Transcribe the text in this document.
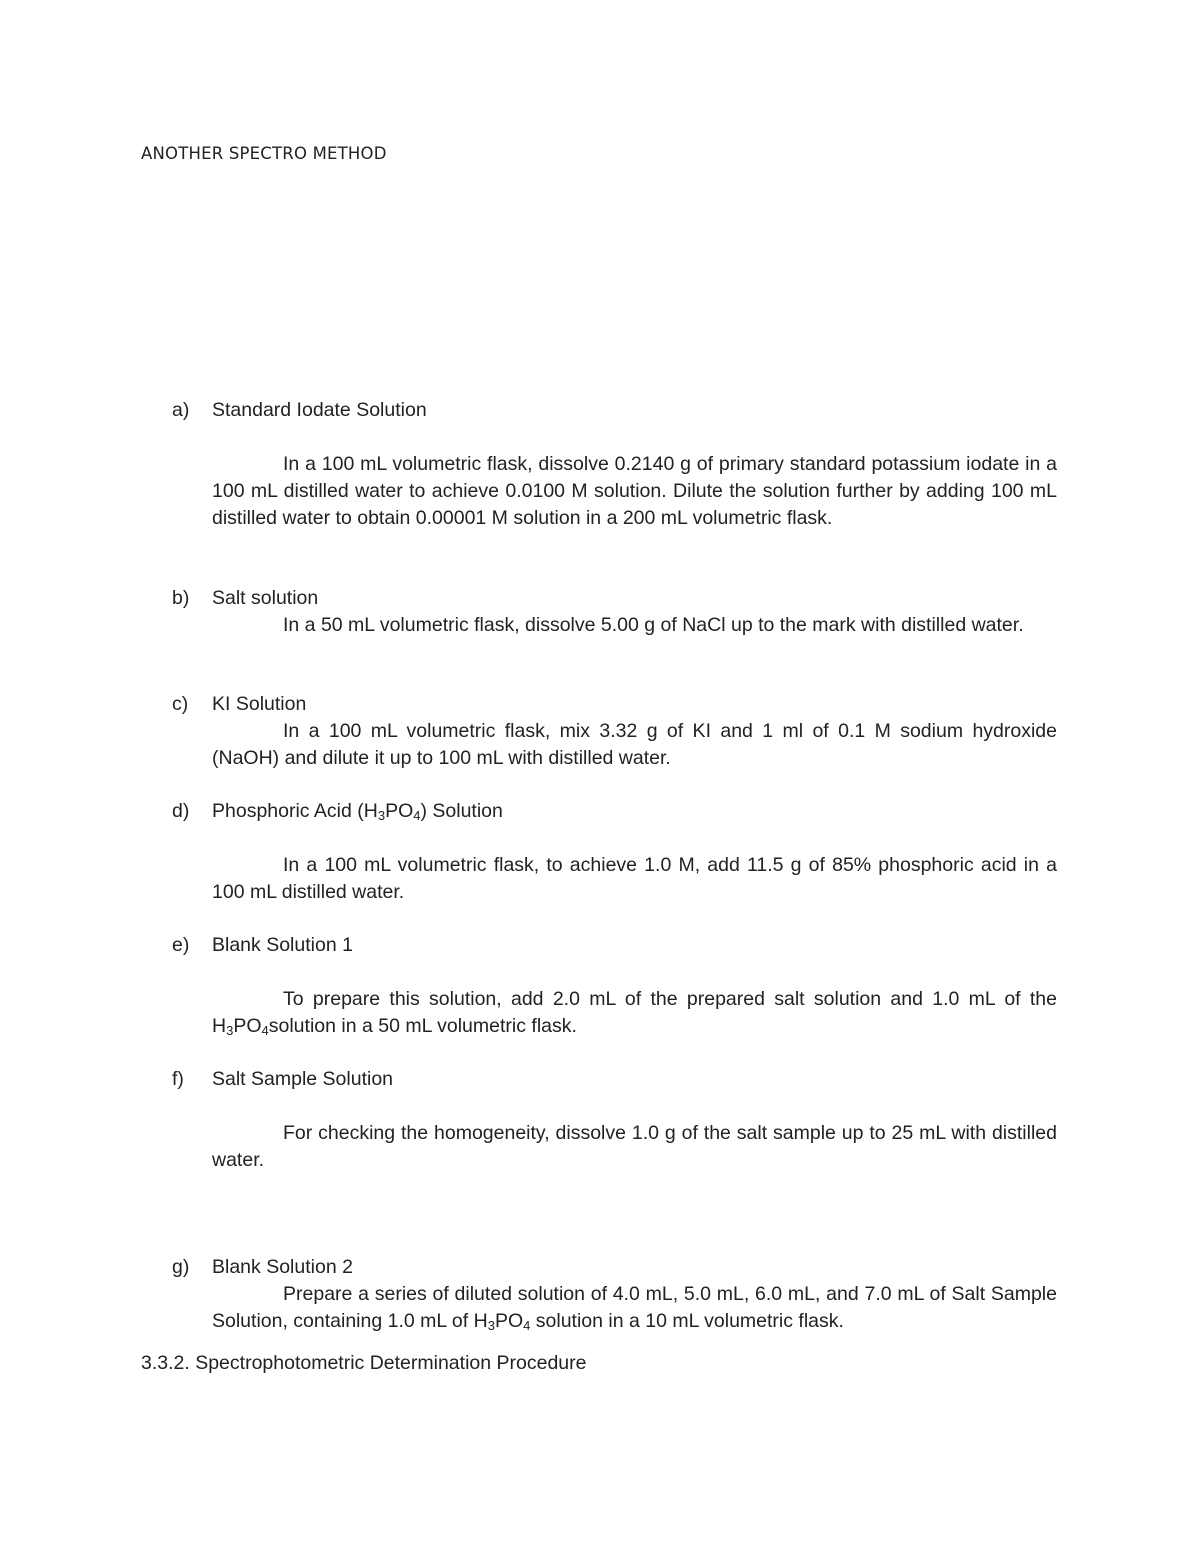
ANOTHER SPECTRO METHOD
a) Standard Iodate Solution
In a 100 mL volumetric flask, dissolve 0.2140 g of primary standard potassium iodate in a 100 mL distilled water to achieve 0.0100 M solution. Dilute the solution further by adding 100 mL distilled water to obtain 0.00001 M solution in a 200 mL volumetric flask.
b) Salt solution
In a 50 mL volumetric flask, dissolve 5.00 g of NaCl up to the mark with distilled water.
c) KI Solution
In a 100 mL volumetric flask, mix 3.32 g of KI and 1 ml of 0.1 M sodium hydroxide (NaOH) and dilute it up to 100 mL with distilled water.
d) Phosphoric Acid $(H_3PO_4)$ Solution
In a 100 mL volumetric flask, to achieve 1.0 M, add 11.5 g of 85% phosphoric acid in a 100 mL distilled water.
e) Blank Solution 1
To prepare this solution, add 2.0 mL of the prepared salt solution and 1.0 mL of the $H_3PO_4solution$ in a 50 mL volumetric flask.
f) Salt Sample Solution
For checking the homogeneity, dissolve 1.0 g of the salt sample up to 25 mL with distilled water.
g) Blank Solution 2
Prepare a series of diluted solution of 4.0 mL, 5.0 mL, 6.0 mL, and 7.0 mL of Salt Sample Solution, containing 1.0 mL of $H_3PO_4$ solution in a 10 mL volumetric flask.
3.3.2. Spectrophotometric Determination Procedure
